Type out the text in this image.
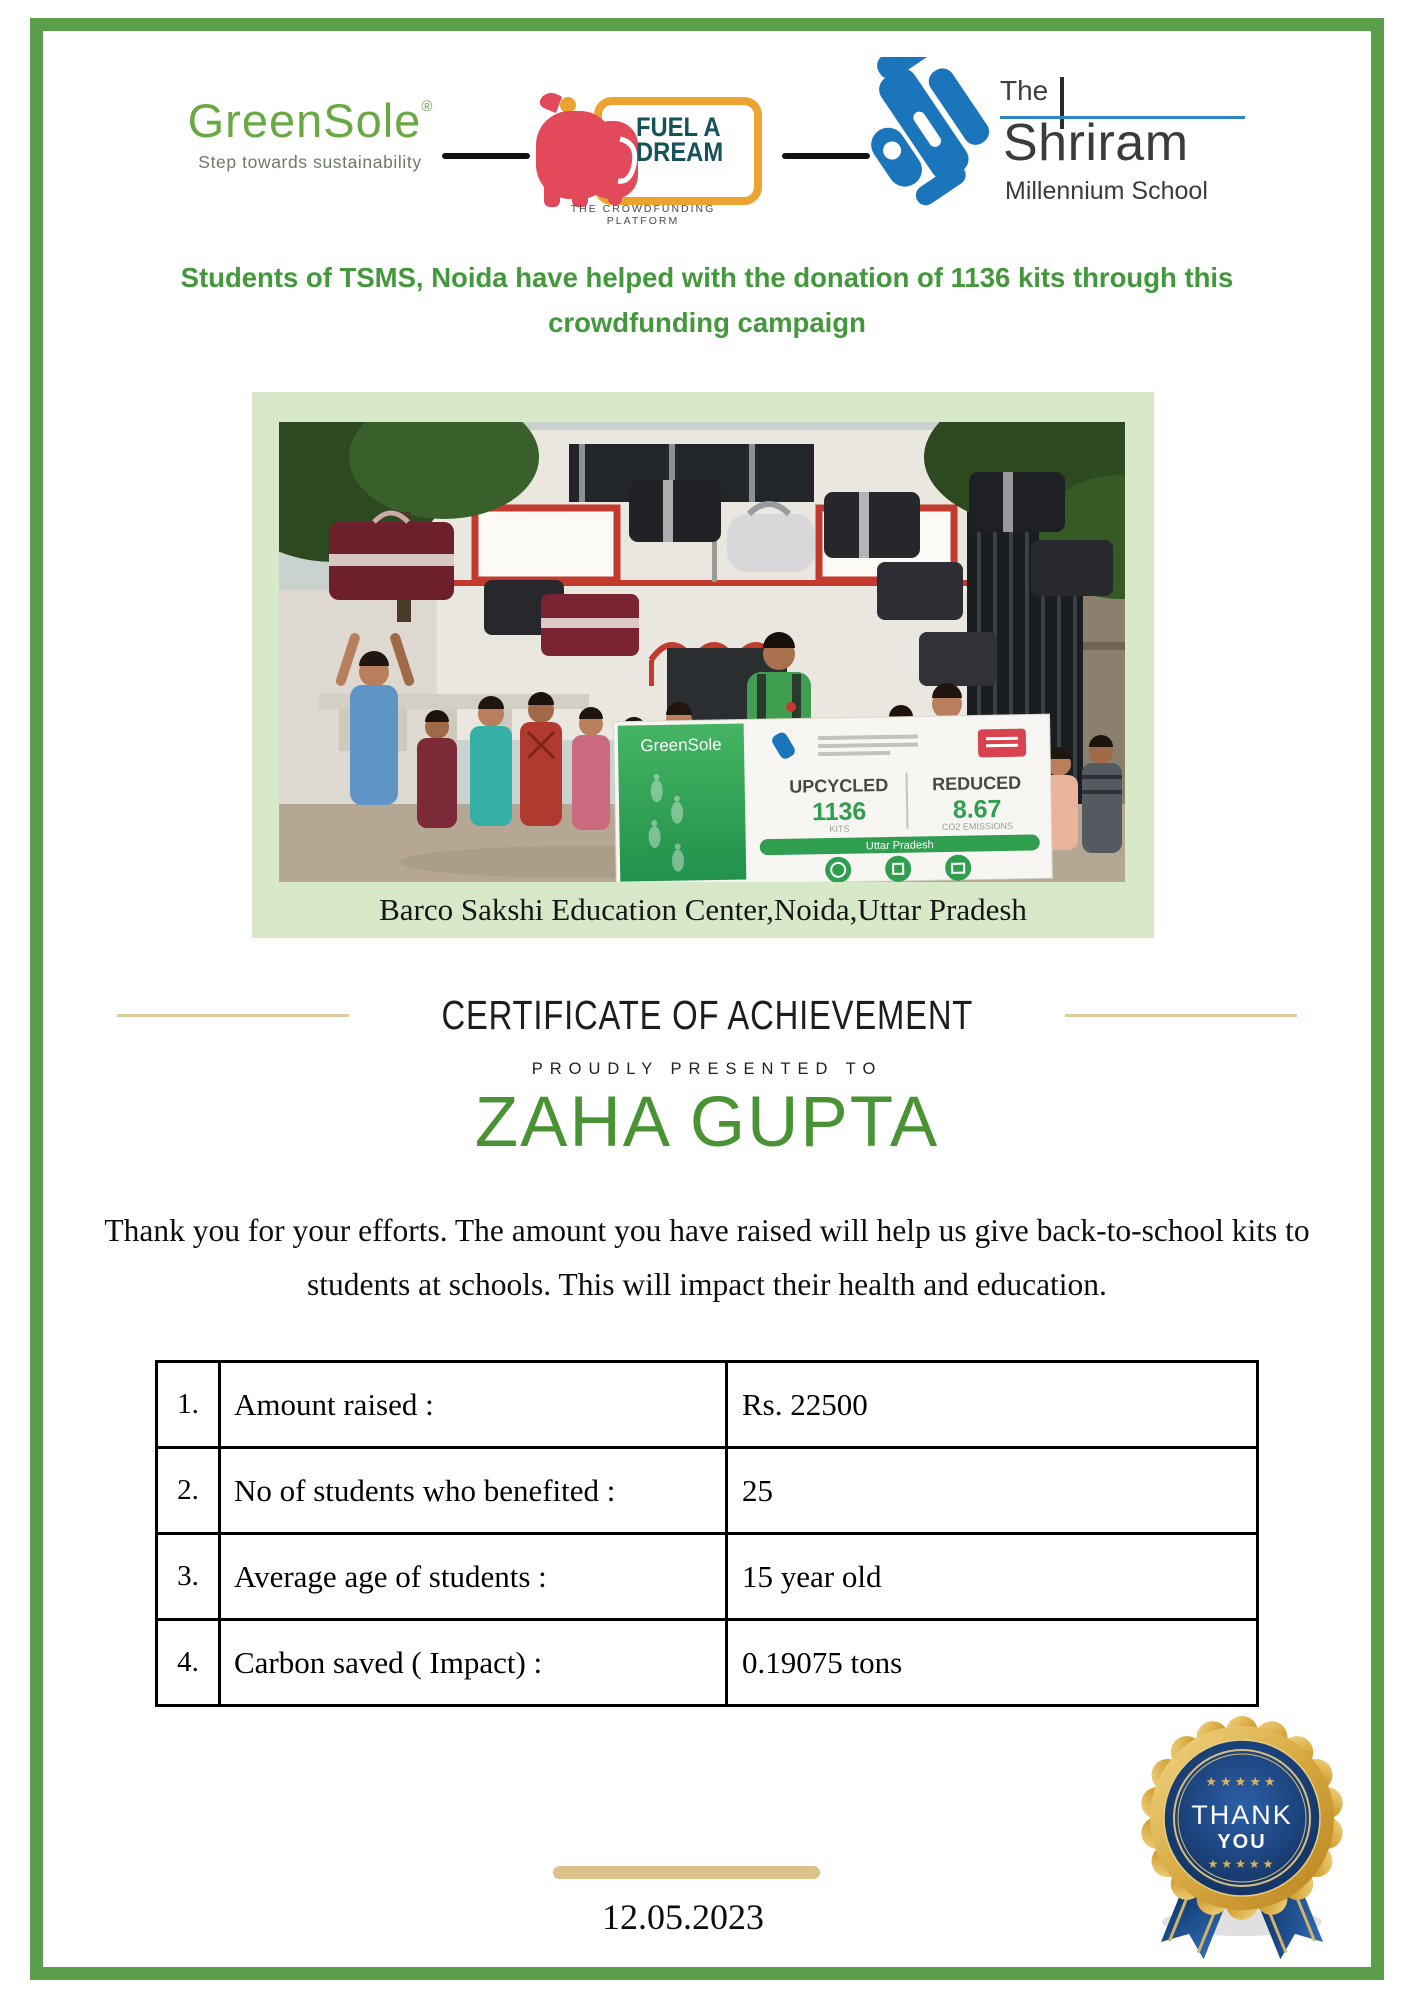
GreenSole®
Step towards sustainability
FUEL A
DREAM
THE CROWDFUNDING PLATFORM
The
Shriram
Millennium School
Students of TSMS, Noida have helped with the donation of 1136 kits through this crowdfunding campaign
GreenSole
UPCYCLED
1136
KITS
REDUCED
8.67
CO2 EMISSIONS
Uttar Pradesh
Barco Sakshi Education Center,Noida,Uttar Pradesh
CERTIFICATE OF ACHIEVEMENT
PROUDLY PRESENTED TO
ZAHA GUPTA
Thank you for your efforts. The amount you have raised will help us give back-to-school kits to students at schools. This will impact their health and education.
1.	Amount raised :	Rs. 22500
2.	No of students who benefited :	25
3.	Average age of students :	15 year old
4.	Carbon saved ( Impact) :	0.19075 tons
12.05.2023
★★★★★
THANK
YOU
★★★★★
